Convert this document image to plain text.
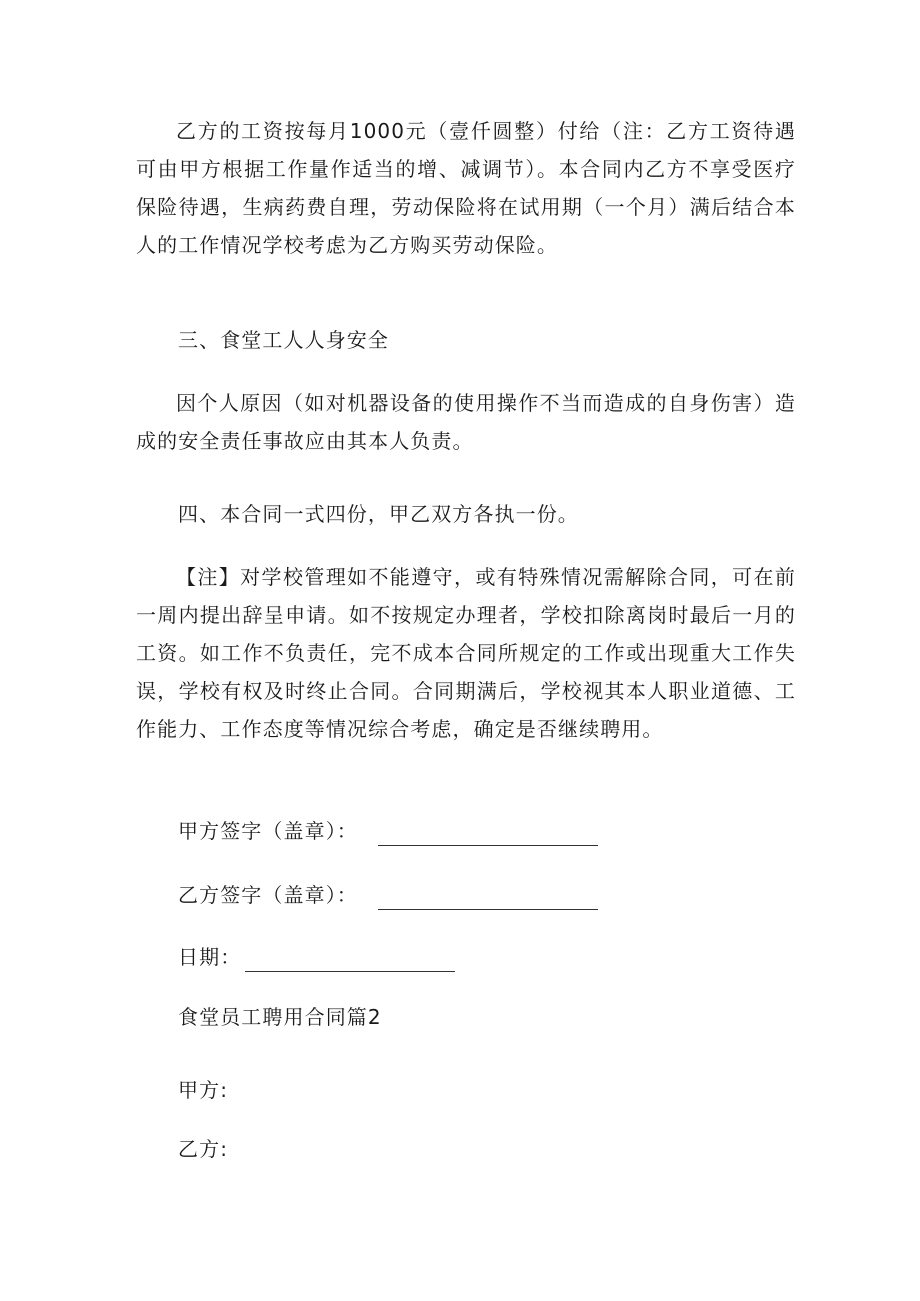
乙方的工资按每月1000元（壹仟圆整）付给（注：乙方工资待遇可由甲方根据工作量作适当的增、减调节）。本合同内乙方不享受医疗保险待遇，生病药费自理，劳动保险将在试用期（一个月）满后结合本人的工作情况学校考虑为乙方购买劳动保险。

三、食堂工人人身安全

因个人原因（如对机器设备的使用操作不当而造成的自身伤害）造成的安全责任事故应由其本人负责。

四、本合同一式四份，甲乙双方各执一份。

【注】对学校管理如不能遵守，或有特殊情况需解除合同，可在前一周内提出辞呈申请。如不按规定办理者，学校扣除离岗时最后一月的工资。如工作不负责任，完不成本合同所规定的工作或出现重大工作失误，学校有权及时终止合同。合同期满后，学校视其本人职业道德、工作能力、工作态度等情况综合考虑，确定是否继续聘用。

甲方签字（盖章）：
乙方签字（盖章）：
日期：

食堂员工聘用合同篇2

甲方:

乙方:
